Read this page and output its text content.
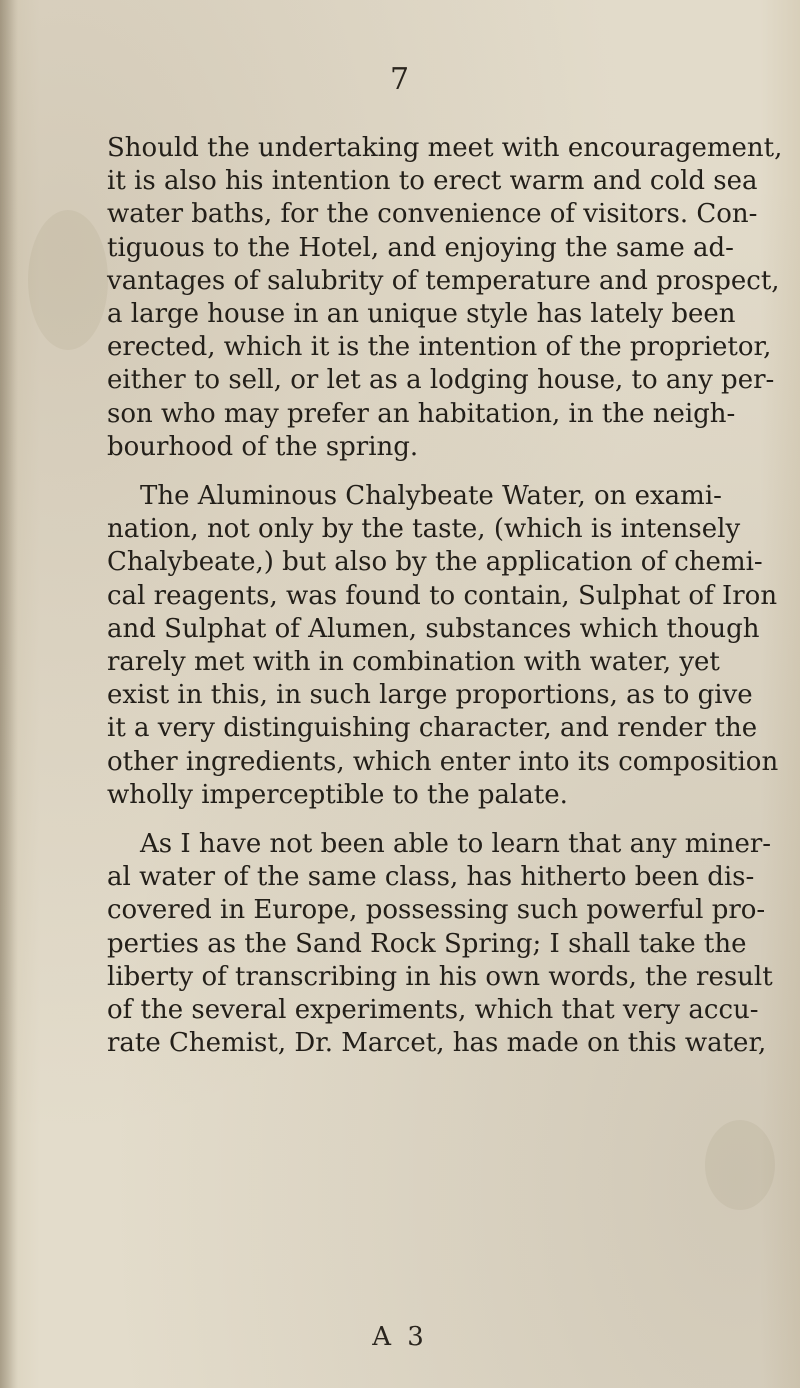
7

Should the undertaking meet with encouragement,
it is also his intention to erect warm and cold sea
water baths, for the convenience of visitors. Con-
tiguous to the Hotel, and enjoying the same ad-
vantages of salubrity of temperature and prospect,
a large house in an unique style has lately been
erected, which it is the intention of the proprietor,
either to sell, or let as a lodging house, to any per-
son who may prefer an habitation, in the neigh-
bourhood of the spring.

The Aluminous Chalybeate Water, on exami-
nation, not only by the taste, (which is intensely
Chalybeate,) but also by the application of chemi-
cal reagents, was found to contain, Sulphat of Iron
and Sulphat of Alumen, substances which though
rarely met with in combination with water, yet
exist in this, in such large proportions, as to give
it a very distinguishing character, and render the
other ingredients, which enter into its composition
wholly imperceptible to the palate.

As I have not been able to learn that any miner-
al water of the same class, has hitherto been dis-
covered in Europe, possessing such powerful pro-
perties as the Sand Rock Spring; I shall take the
liberty of transcribing in his own words, the result
of the several experiments, which that very accu-
rate Chemist, Dr. Marcet, has made on this water,

A 3
